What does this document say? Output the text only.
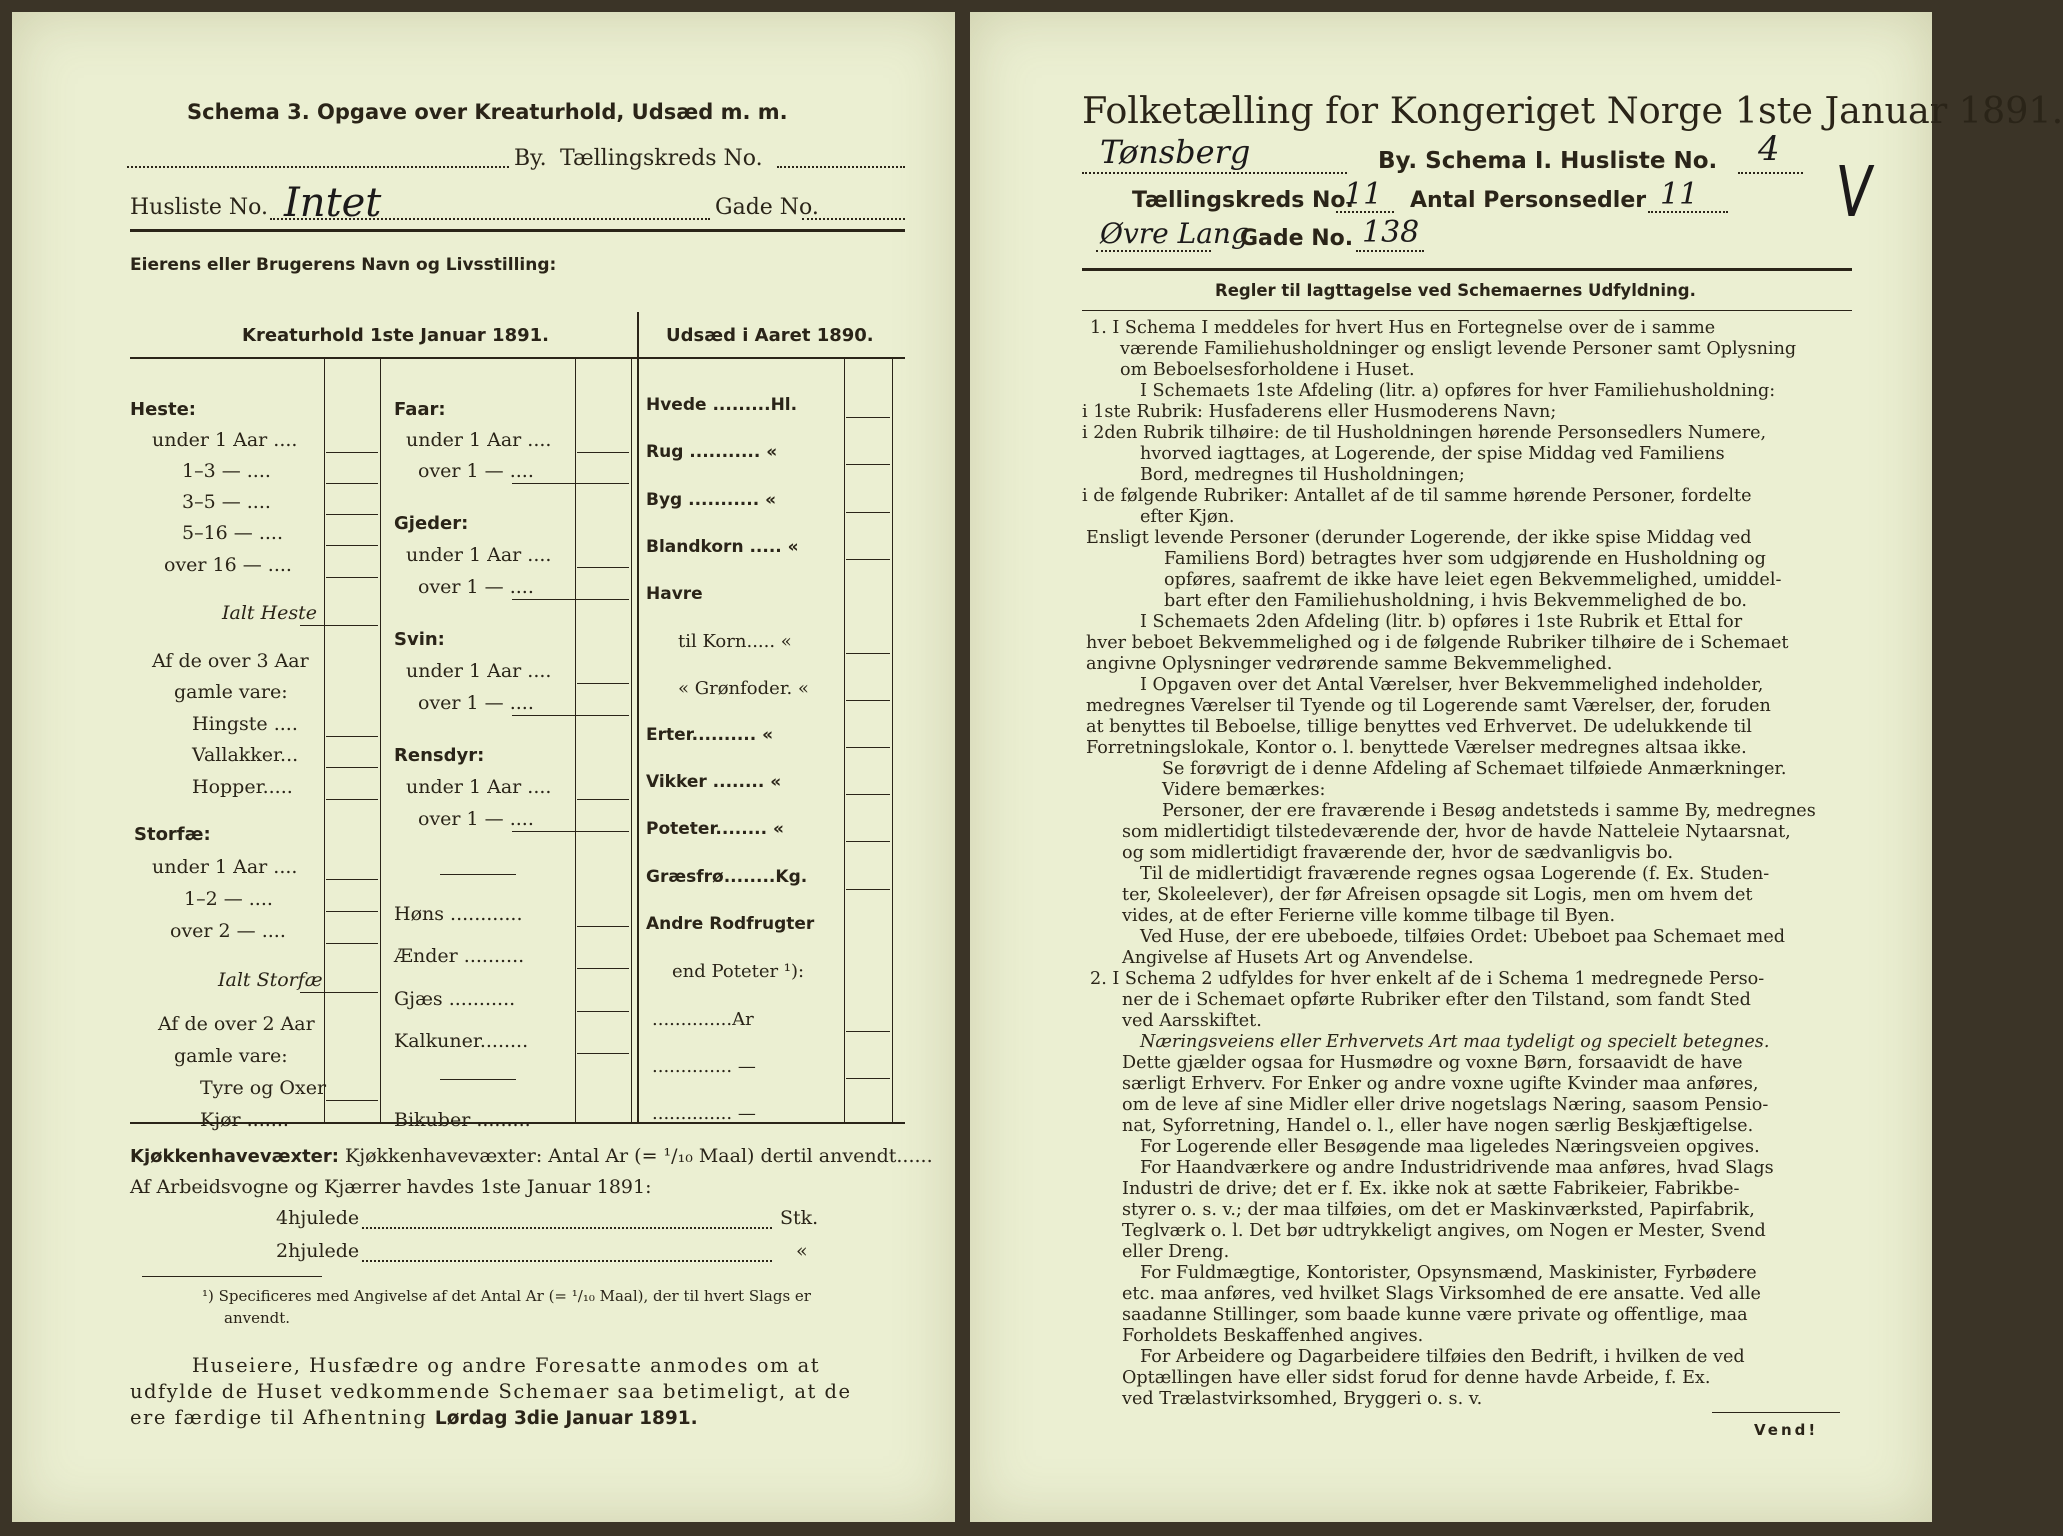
Schema 3. Opgave over Kreaturhold, Udsæd m. m.
By. Tællingskreds No.
Husliste No. Intet	Gade No.
Eierens eller Brugerens Navn og Livsstilling:
Kreaturhold 1ste Januar 1891.	Udsæd i Aaret 1890.
Heste:
under 1 Aar ....
1–3 — ....
3–5 — ....
5–16 — ....
over 16 — ....
Ialt Heste
Af de over 3 Aar
gamle vare:
Hingste ....
Vallakker...
Hopper.....
Storfæ:
under 1 Aar ....
1–2 — ....
over 2 — ....
Ialt Storfæ
Af de over 2 Aar
gamle vare:
Tyre og Oxer
Kjør .......
Faar:
under 1 Aar ....
over 1 — ....
Gjeder:
under 1 Aar ....
over 1 — ....
Svin:
under 1 Aar ....
over 1 — ....
Rensdyr:
under 1 Aar ....
over 1 — ....
Høns ............
Ænder ..........
Gjæs ...........
Kalkuner........
Bikuber .........
Hvede .........Hl.
Rug ........... «
Byg ........... «
Blandkorn ..... «
Havre
til Korn..... «
« Grønfoder. «
Erter.......... «
Vikker ........ «
Poteter........ «
Græsfrø........Kg.
Andre Rodfrugter
end Poteter ¹):
..............Ar
.............. —
.............. —
Kjøkkenhavevæxter: Kjøkkenhavevæxter: Antal Ar (= ¹/₁₀ Maal) dertil anvendt......
Af Arbeidsvogne og Kjærrer havdes 1ste Januar 1891:
4hjulede	Stk.
2hjulede	«
¹) Specificeres med Angivelse af det Antal Ar (= ¹/₁₀ Maal), der til hvert Slags er
anvendt.
Huseiere, Husfædre og andre Foresatte anmodes om at
udfylde de Huset vedkommende Schemaer saa betimeligt, at de
ere færdige til Afhentning Lørdag 3die Januar 1891.
Folketælling for Kongeriget Norge 1ste Januar 1891.
Tønsberg	By. Schema I. Husliste No. 4
Tællingskreds No.
11 Antal Personsedler 11 V
Øvre Lang
Gade No. 138
Regler til Iagttagelse ved Schemaernes Udfyldning.

1. I Schema I meddeles for hvert Hus en Fortegnelse over de i samme

værende Familiehusholdninger og ensligt levende Personer samt Oplysning

om Beboelsesforholdene i Huset.

I Schemaets 1ste Afdeling (litr. a) opføres for hver Familiehusholdning:

i 1ste Rubrik: Husfaderens eller Husmoderens Navn;

i 2den Rubrik tilhøire: de til Husholdningen hørende Personsedlers Numere,

hvorved iagttages, at Logerende, der spise Middag ved Familiens

Bord, medregnes til Husholdningen;

i de følgende Rubriker: Antallet af de til samme hørende Personer, fordelte

efter Kjøn.

Ensligt levende Personer (derunder Logerende, der ikke spise Middag ved

Familiens Bord) betragtes hver som udgjørende en Husholdning og

opføres, saafremt de ikke have leiet egen Bekvemmelighed, umiddel-

bart efter den Familiehusholdning, i hvis Bekvemmelighed de bo.

I Schemaets 2den Afdeling (litr. b) opføres i 1ste Rubrik et Ettal for

hver beboet Bekvemmelighed og i de følgende Rubriker tilhøire de i Schemaet

angivne Oplysninger vedrørende samme Bekvemmelighed.

I Opgaven over det Antal Værelser, hver Bekvemmelighed indeholder,

medregnes Værelser til Tyende og til Logerende samt Værelser, der, foruden

at benyttes til Beboelse, tillige benyttes ved Erhvervet. De udelukkende til

Forretningslokale, Kontor o. l. benyttede Værelser medregnes altsaa ikke.

Se forøvrigt de i denne Afdeling af Schemaet tilføiede Anmærkninger.

Videre bemærkes:

Personer, der ere fraværende i Besøg andetsteds i samme By, medregnes

som midlertidigt tilstedeværende der, hvor de havde Natteleie Nytaarsnat,

og som midlertidigt fraværende der, hvor de sædvanligvis bo.

Til de midlertidigt fraværende regnes ogsaa Logerende (f. Ex. Studen-

ter, Skoleelever), der før Afreisen opsagde sit Logis, men om hvem det

vides, at de efter Ferierne ville komme tilbage til Byen.

Ved Huse, der ere ubeboede, tilføies Ordet: Ubeboet paa Schemaet med

Angivelse af Husets Art og Anvendelse.

2. I Schema 2 udfyldes for hver enkelt af de i Schema 1 medregnede Perso-

ner de i Schemaet opførte Rubriker efter den Tilstand, som fandt Sted

ved Aarsskiftet.

Næringsveiens eller Erhvervets Art maa tydeligt og specielt betegnes.

Dette gjælder ogsaa for Husmødre og voxne Børn, forsaavidt de have

særligt Erhverv. For Enker og andre voxne ugifte Kvinder maa anføres,

om de leve af sine Midler eller drive nogetslags Næring, saasom Pensio-

nat, Syforretning, Handel o. l., eller have nogen særlig Beskjæftigelse.

For Logerende eller Besøgende maa ligeledes Næringsveien opgives.

For Haandværkere og andre Industridrivende maa anføres, hvad Slags

Industri de drive; det er f. Ex. ikke nok at sætte Fabrikeier, Fabrikbe-

styrer o. s. v.; der maa tilføies, om det er Maskinværksted, Papirfabrik,

Teglværk o. l. Det bør udtrykkeligt angives, om Nogen er Mester, Svend

eller Dreng.

For Fuldmægtige, Kontorister, Opsynsmænd, Maskinister, Fyrbødere

etc. maa anføres, ved hvilket Slags Virksomhed de ere ansatte. Ved alle

saadanne Stillinger, som baade kunne være private og offentlige, maa

Forholdets Beskaffenhed angives.

For Arbeidere og Dagarbeidere tilføies den Bedrift, i hvilken de ved

Optællingen have eller sidst forud for denne havde Arbeide, f. Ex.

ved Trælastvirksomhed, Bryggeri o. s. v.

Vend!
